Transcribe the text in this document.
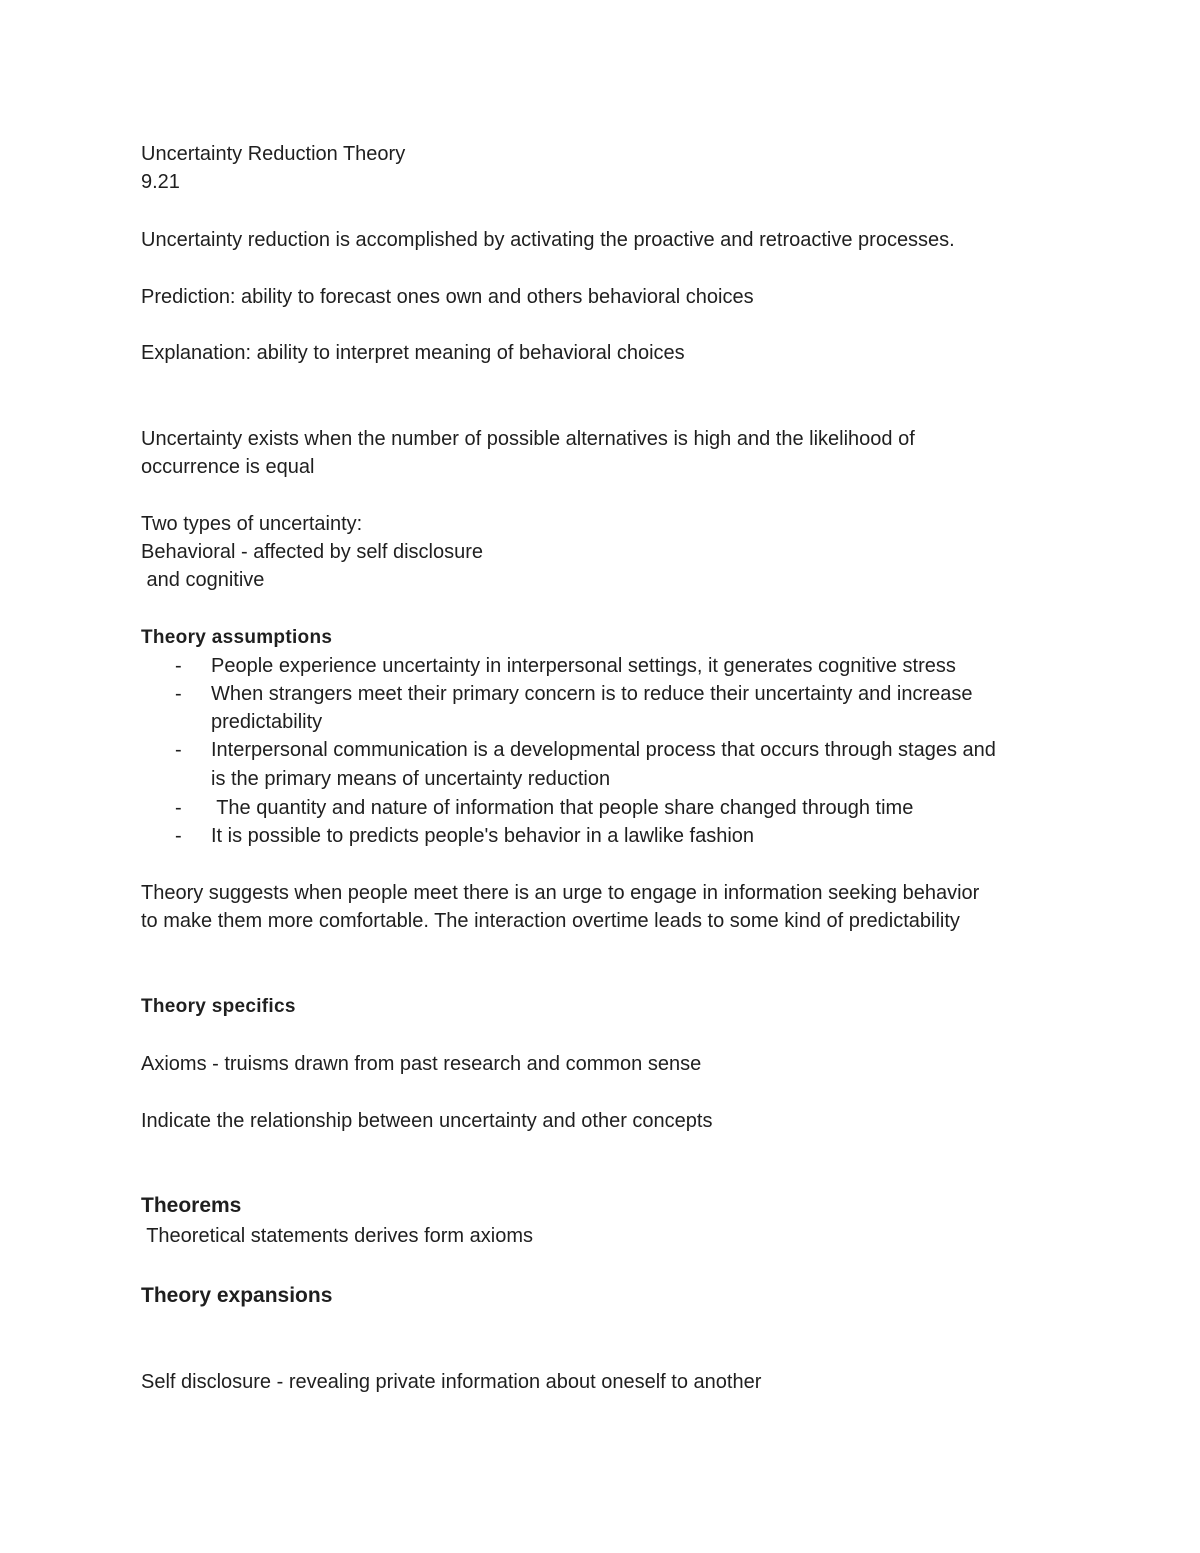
Uncertainty Reduction Theory
9.21
Uncertainty reduction is accomplished by activating the proactive and retroactive processes.
Prediction: ability to forecast ones own and others behavioral choices
Explanation: ability to interpret meaning of behavioral choices
Uncertainty exists when the number of possible alternatives is high and the likelihood of
occurrence is equal
Two types of uncertainty:
Behavioral - affected by self disclosure
and cognitive
Theory assumptions
- People experience uncertainty in interpersonal settings, it generates cognitive stress
- When strangers meet their primary concern is to reduce their uncertainty and increase
predictability
- Interpersonal communication is a developmental process that occurs through stages and
is the primary means of uncertainty reduction
- The quantity and nature of information that people share changed through time
- It is possible to predicts people's behavior in a lawlike fashion
Theory suggests when people meet there is an urge to engage in information seeking behavior
to make them more comfortable. The interaction overtime leads to some kind of predictability
Theory specifics
Axioms - truisms drawn from past research and common sense
Indicate the relationship between uncertainty and other concepts
Theorems
Theoretical statements derives form axioms
Theory expansions
Self disclosure - revealing private information about oneself to another
